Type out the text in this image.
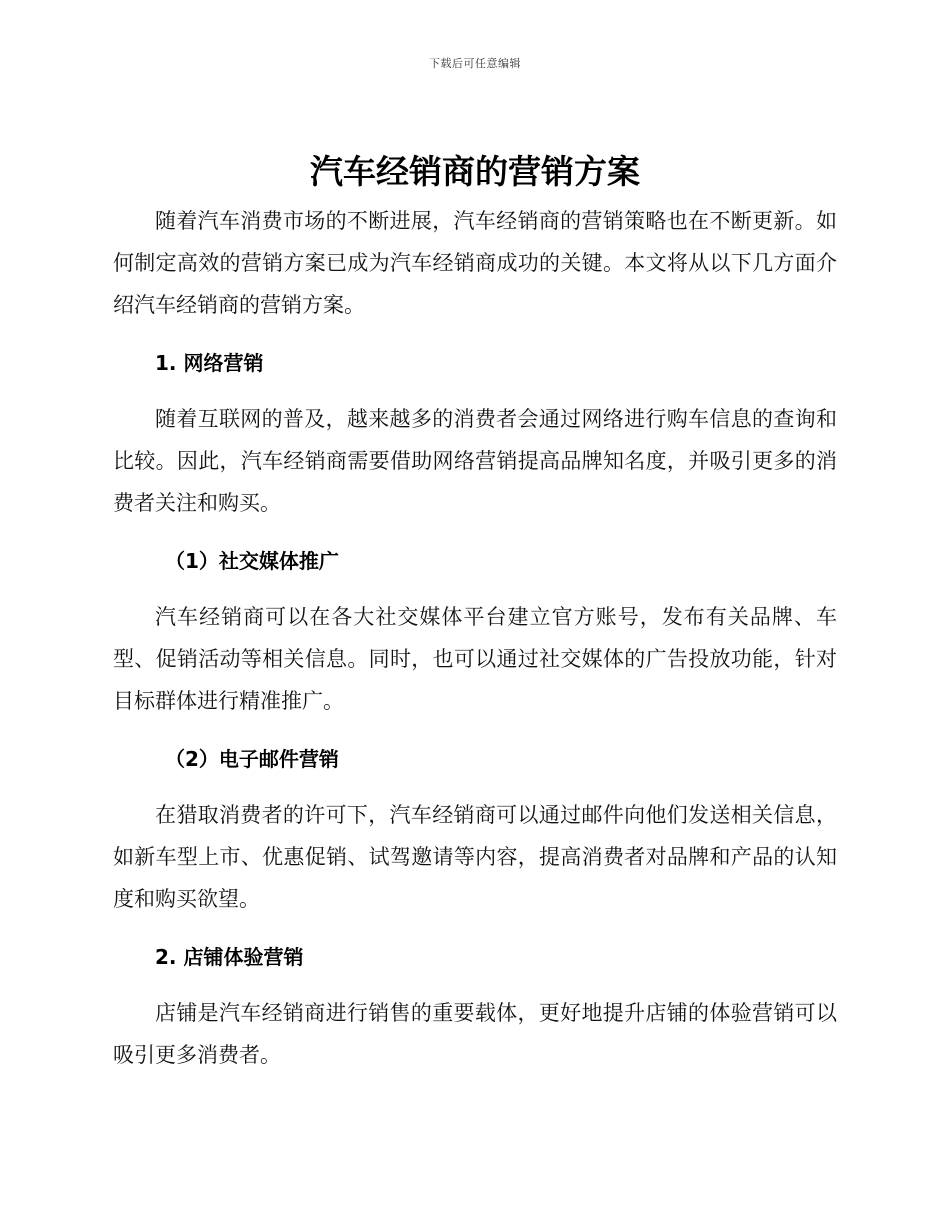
下载后可任意编辑
汽车经销商的营销方案

随着汽车消费市场的不断进展，汽车经销商的营销策略也在不断更新。如何制定高效的营销方案已成为汽车经销商成功的关键。本文将从以下几方面介绍汽车经销商的营销方案。

1. 网络营销

随着互联网的普及，越来越多的消费者会通过网络进行购车信息的查询和比较。因此，汽车经销商需要借助网络营销提高品牌知名度，并吸引更多的消费者关注和购买。

（1）社交媒体推广

汽车经销商可以在各大社交媒体平台建立官方账号，发布有关品牌、车型、促销活动等相关信息。同时，也可以通过社交媒体的广告投放功能，针对目标群体进行精准推广。

（2）电子邮件营销

在猎取消费者的许可下，汽车经销商可以通过邮件向他们发送相关信息，如新车型上市、优惠促销、试驾邀请等内容，提高消费者对品牌和产品的认知度和购买欲望。

2. 店铺体验营销

店铺是汽车经销商进行销售的重要载体，更好地提升店铺的体验营销可以吸引更多消费者。
